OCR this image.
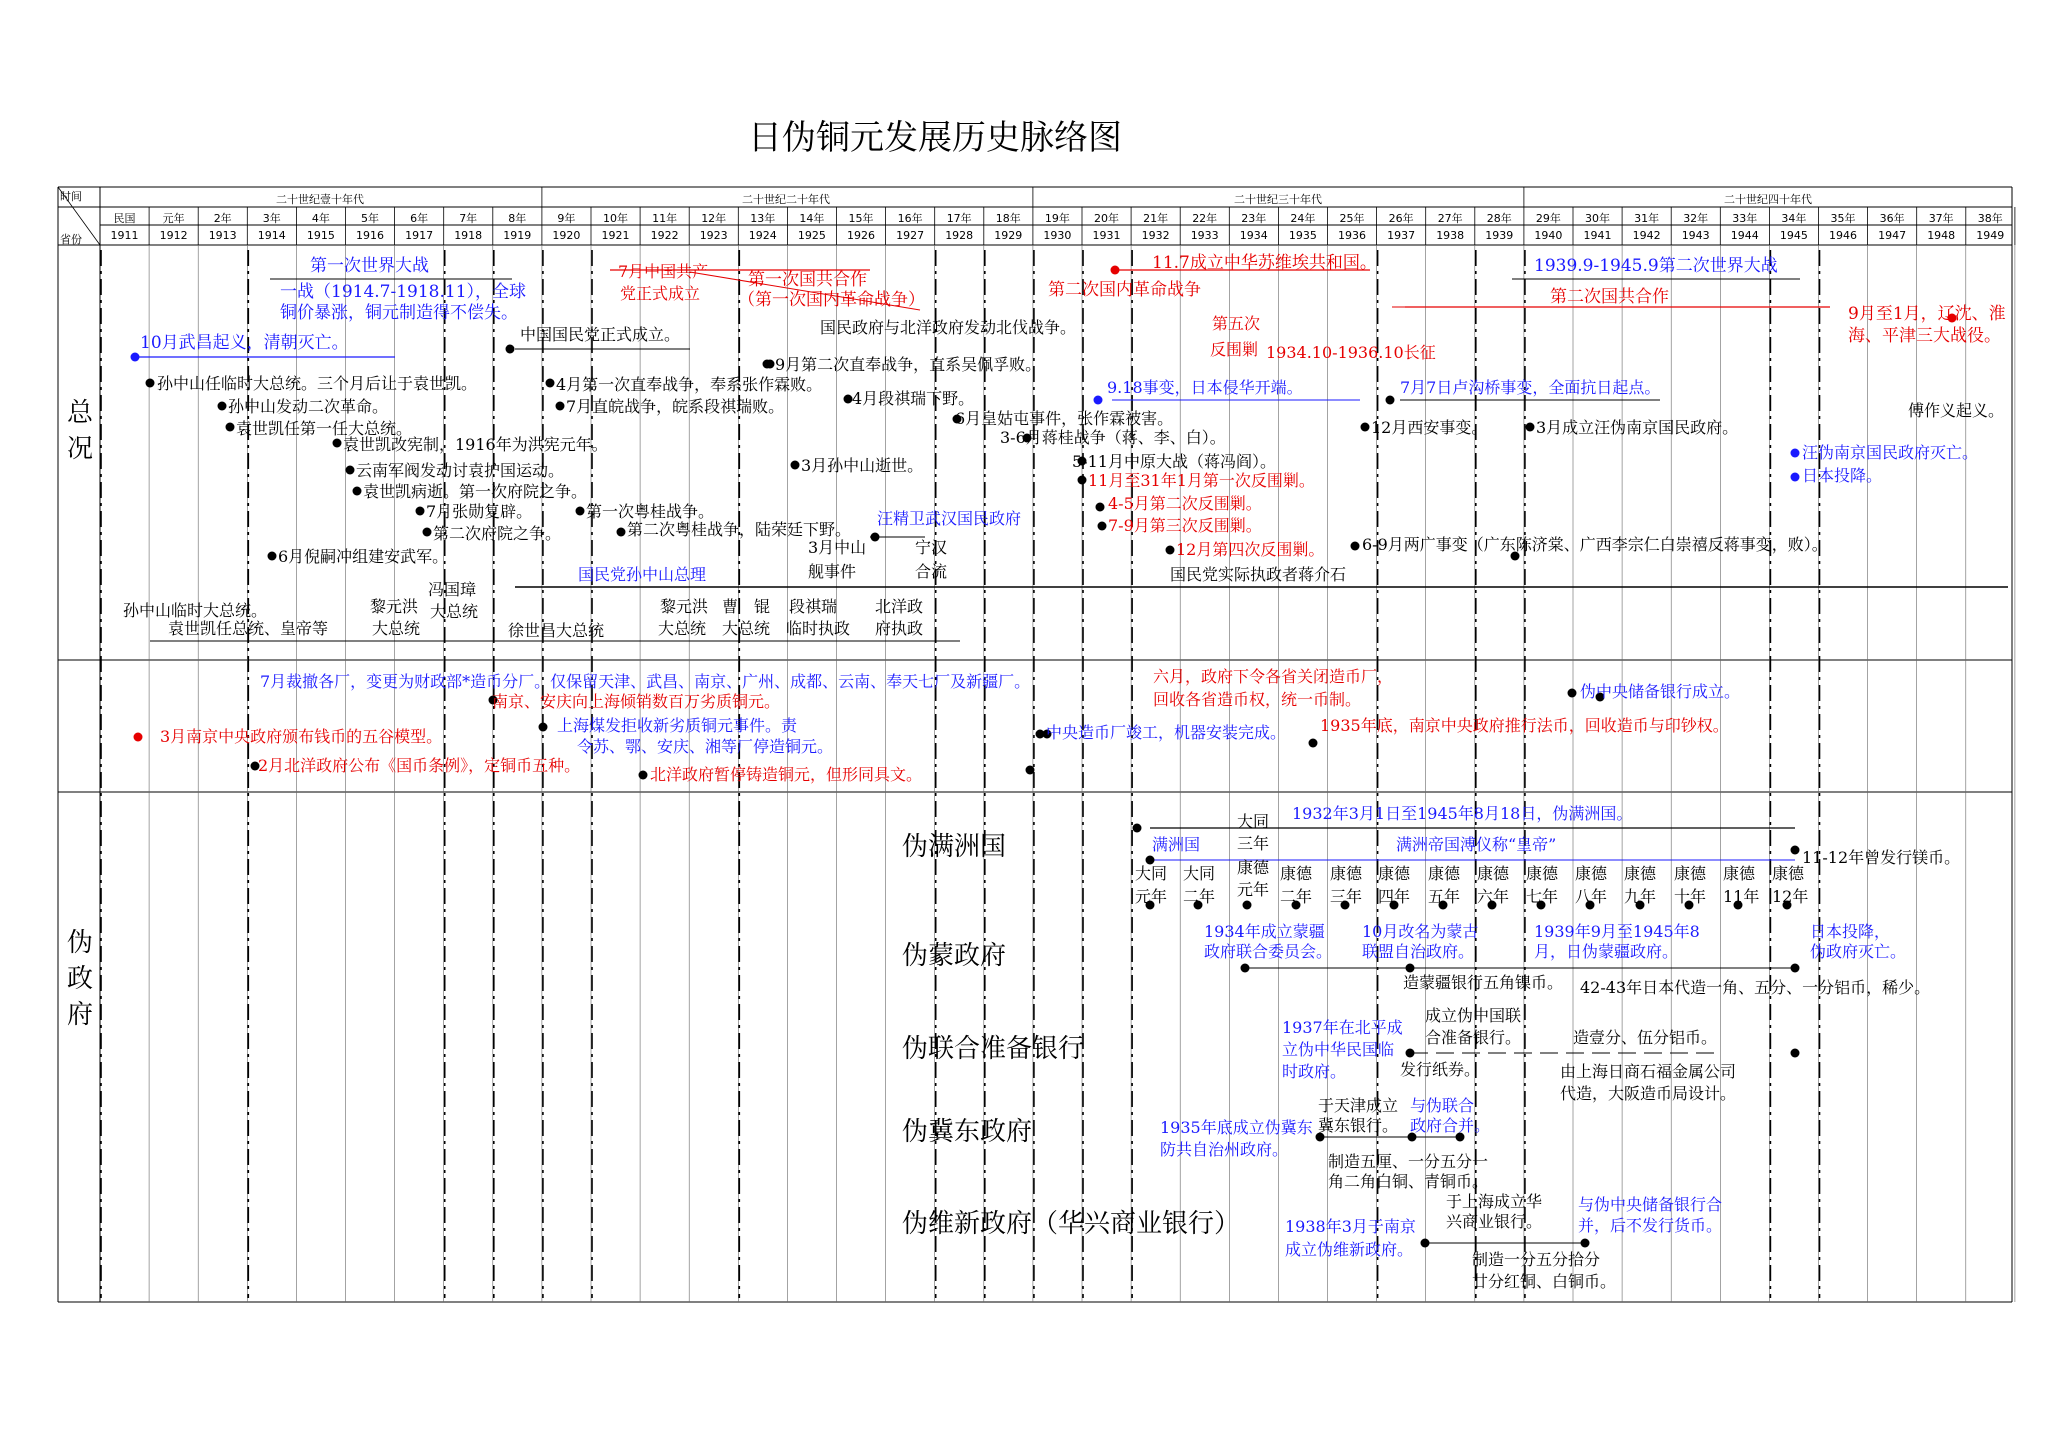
日伪铜元发展历史脉络图
二十世纪壹十年代	二十世纪二十年代	二十世纪三十年代	二十世纪四十年代
民国	元年	2年	3年	4年	5年	6年	7年	8年	9年	10年	11年	12年	13年	14年	15年	16年	17年	18年	19年	20年	21年	22年	23年	24年	25年	26年	27年	28年	29年	30年	31年	32年	33年	34年	35年	36年	37年	38年
1911	1912	1913	1914	1915	1916	1917	1918	1919	1920	1921	1922	1923	1924	1925	1926	1927	1928	1929	1930	1931	1932	1933	1934	1935	1936	1937	1938	1939	1940	1941	1942	1943	1944	1945	1946	1947	1948	1949
时间
省份
总况
伪政府
第一次世界大战
一战（1914.7-1918.11），全球
铜价暴涨，铜元制造得不偿失。
10月武昌起义，清朝灭亡。
孙中山任临时大总统。三个月后让于袁世凯。
孙中山发动二次革命。
袁世凯任第一任大总统。
袁世凯改宪制，1916年为洪宪元年。
云南军阀发动讨袁护国运动。
袁世凯病逝。第一次府院之争。
7月张勋复辟。
第二次府院之争。
6月倪嗣冲组建安武军。
中国国民党正式成立。
4月第一次直奉战争，奉系张作霖败。
7月直皖战争，皖系段祺瑞败。
第一次粤桂战争。
第二次粤桂战争，陆荣廷下野。
7月中国共产
党正式成立
第一次国共合作
（第一次国内革命战争）
国民政府与北洋政府发动北伐战争。
9月第二次直奉战争，直系吴佩孚败。
4月段祺瑞下野。
3月孙中山逝世。
汪精卫武汉国民政府
6月皇姑屯事件，张作霖被害。
3-6月蒋桂战争（蒋、李、白）。
5-11月中原大战（蒋冯阎）。
11.7成立中华苏维埃共和国。
第二次国内革命战争
第五次
反围剿 1934.10-1936.10长征
9.18事变，日本侵华开端。
11月至31年1月第一次反围剿。
4-5月第二次反围剿。
7-9月第三次反围剿。
12月第四次反围剿。
7月7日卢沟桥事变，全面抗日起点。
12月西安事变。
6-9月两广事变（广东陈济棠、广西李宗仁白崇禧反蒋事变，败）。
国民党实际执政者蒋介石
1939.9-1945.9第二次世界大战
第二次国共合作
9月至1月，辽沈、淮
海、平津三大战役。
3月成立汪伪南京国民政府。
傅作义起义。
汪伪南京国民政府灭亡。
日本投降。
国民党孙中山总理
3月中山
舰事件
宁汉
合流
孙中山临时大总统。
袁世凯任总统、皇帝等
黎元洪
大总统
冯国璋
大总统
徐世昌大总统
黎元洪
大总统
曹　锟
大总统
段祺瑞
临时执政
北洋政
府执政
7月裁撤各厂，变更为财政部*造币分厂。仅保留天津、武昌、南京、广州、成都、云南、奉天七厂及新疆厂。
南京、安庆向上海倾销数百万劣质铜元。
3月南京中央政府颁布钱币的五谷模型。
上海煤发拒收新劣质铜元事件。责
令苏、鄂、安庆、湘等厂停造铜元。
2月北洋政府公布《国币条例》，定铜币五种。	北洋政府暂停铸造铜元，但形同具文。
中央造币厂竣工，机器安装完成。
六月，政府下令各省关闭造币厂，
回收各省造币权，统一币制。
1935年底，南京中央政府推行法币，回收造币与印钞权。
伪中央储备银行成立。
1934年成立蒙疆
政府联合委员会。
10月改名为蒙古
联盟自治政府。
1939年9月至1945年8
月，日伪蒙疆政府。
日本投降，
伪政府灭亡。
造蒙疆银行五角镍币。 42-43年日本代造一角、五分、一分铝币，稀少。
1937年在北平成
立伪中华民国临
时政府。
成立伪中国联
合准备银行。
发行纸券。
造壹分、伍分铝币。
由上海日商石福金属公司
代造，大阪造币局设计。
1935年底成立伪冀东
防共自治州政府。
于天津成立
冀东银行。
与伪联合
政府合并。
制造五厘、一分五分一
角二角白铜、青铜币。
于上海成立华
兴商业银行。
与伪中央储备银行合
并，后不发行货币。
1938年3月于南京
成立伪维新政府。
制造一分五分拾分
廿分红铜、白铜币。
伪满洲国
伪蒙政府
伪联合准备银行
伪冀东政府
伪维新政府（华兴商业银行）
1932年3月1日至1945年8月18日，伪满洲国。
满洲国	满洲帝国溥仪称“皇帝”
11-12年曾发行镁币。
大同
元年
大同
二年
大同
三年
康德
元年
康德
二年
康德
三年
康德
四年
康德
五年
康德
六年
康德
七年
康德
八年
康德
九年
康德
十年
康德
11年
康德
12年
